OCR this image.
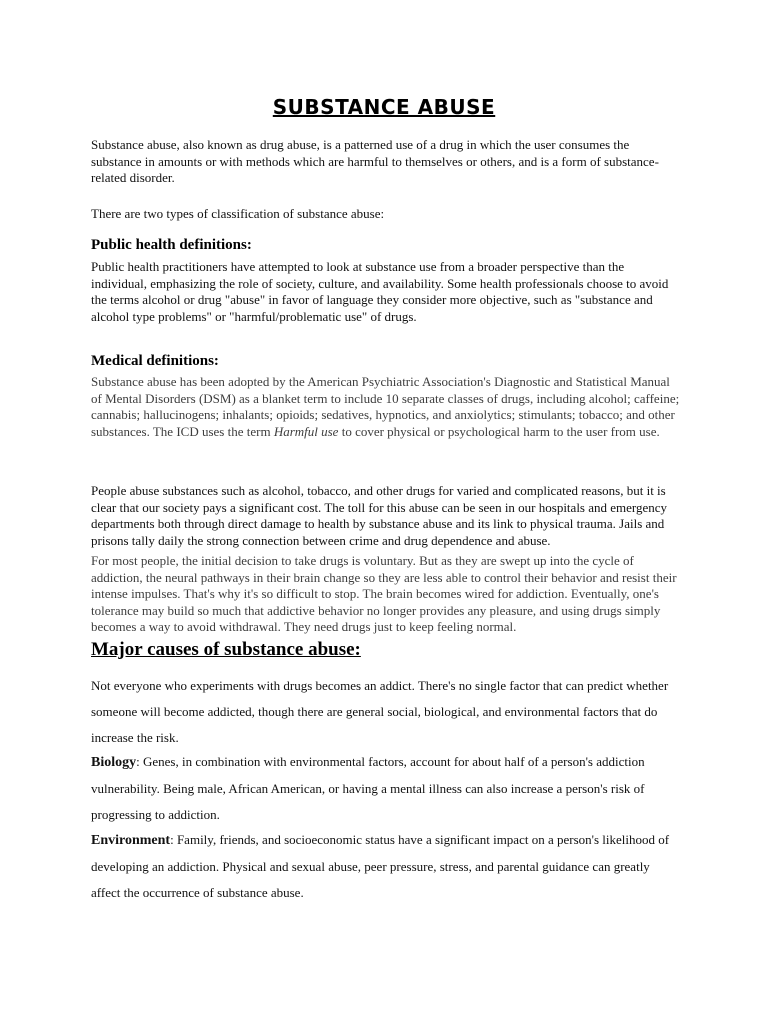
SUBSTANCE ABUSE

Substance abuse, also known as drug abuse, is a patterned use of a drug in which the user consumes the substance in amounts or with methods which are harmful to themselves or others, and is a form of substance-related disorder.

There are two types of classification of substance abuse:

Public health definitions:

Public health practitioners have attempted to look at substance use from a broader perspective than the individual, emphasizing the role of society, culture, and availability. Some health professionals choose to avoid the terms alcohol or drug "abuse" in favor of language they consider more objective, such as "substance and alcohol type problems" or "harmful/problematic use" of drugs.

Medical definitions:

Substance abuse has been adopted by the American Psychiatric Association's Diagnostic and Statistical Manual of Mental Disorders (DSM) as a blanket term to include 10 separate classes of drugs, including alcohol; caffeine; cannabis; hallucinogens; inhalants; opioids; sedatives, hypnotics, and anxiolytics; stimulants; tobacco; and other substances. The ICD uses the term Harmful use to cover physical or psychological harm to the user from use.

People abuse substances such as alcohol, tobacco, and other drugs for varied and complicated reasons, but it is clear that our society pays a significant cost. The toll for this abuse can be seen in our hospitals and emergency departments both through direct damage to health by substance abuse and its link to physical trauma. Jails and prisons tally daily the strong connection between crime and drug dependence and abuse.

For most people, the initial decision to take drugs is voluntary. But as they are swept up into the cycle of addiction, the neural pathways in their brain change so they are less able to control their behavior and resist their intense impulses. That's why it's so difficult to stop. The brain becomes wired for addiction. Eventually, one's tolerance may build so much that addictive behavior no longer provides any pleasure, and using drugs simply becomes a way to avoid withdrawal. They need drugs just to keep feeling normal.

Major causes of substance abuse:

Not everyone who experiments with drugs becomes an addict. There's no single factor that can predict whether someone will become addicted, though there are general social, biological, and environmental factors that do increase the risk.

Biology: Genes, in combination with environmental factors, account for about half of a person's addiction vulnerability. Being male, African American, or having a mental illness can also increase a person's risk of progressing to addiction.

Environment: Family, friends, and socioeconomic status have a significant impact on a person's likelihood of developing an addiction. Physical and sexual abuse, peer pressure, stress, and parental guidance can greatly affect the occurrence of substance abuse.
